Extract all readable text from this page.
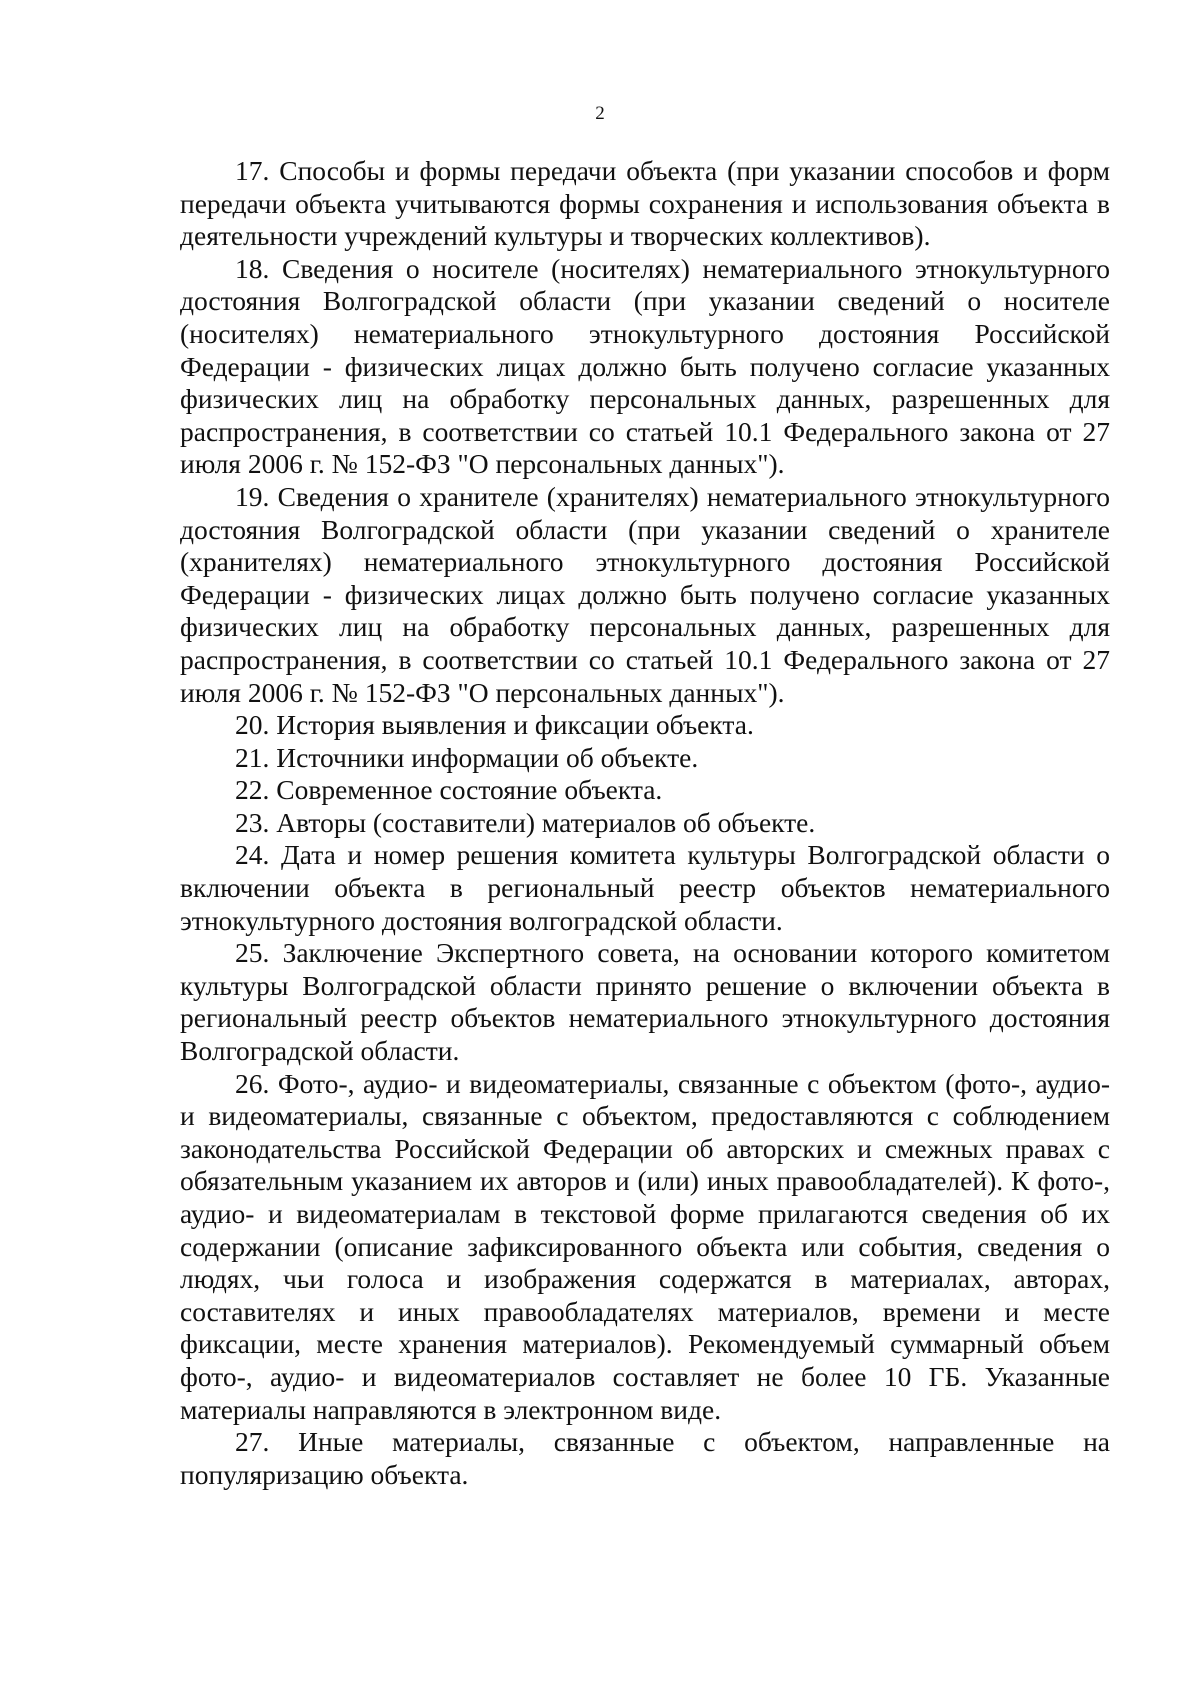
2

17. Способы и формы передачи объекта (при указании способов и форм передачи объекта учитываются формы сохранения и использования объекта в деятельности учреждений культуры и творческих коллективов).

18. Сведения о носителе (носителях) нематериального этнокультурного достояния Волгоградской области (при указании сведений о носителе (носителях) нематериального этнокультурного достояния Российской Федерации - физических лицах должно быть получено согласие указанных физических лиц на обработку персональных данных, разрешенных для распространения, в соответствии со статьей 10.1 Федерального закона от 27 июля 2006 г. № 152-ФЗ "О персональных данных").

19. Сведения о хранителе (хранителях) нематериального этнокультурного достояния Волгоградской области (при указании сведений о хранителе (хранителях) нематериального этнокультурного достояния Российской Федерации - физических лицах должно быть получено согласие указанных физических лиц на обработку персональных данных, разрешенных для распространения, в соответствии со статьей 10.1 Федерального закона от 27 июля 2006 г. № 152-ФЗ "О персональных данных").

20. История выявления и фиксации объекта.

21. Источники информации об объекте.

22. Современное состояние объекта.

23. Авторы (составители) материалов об объекте.

24. Дата и номер решения комитета культуры Волгоградской области о включении объекта в региональный реестр объектов нематериального этнокультурного достояния волгоградской области.

25. Заключение Экспертного совета, на основании которого комитетом культуры Волгоградской области принято решение о включении объекта в региональный реестр объектов нематериального этнокультурного достояния Волгоградской области.

26. Фото-, аудио- и видеоматериалы, связанные с объектом (фото-, аудио- и видеоматериалы, связанные с объектом, предоставляются с соблюдением законодательства Российской Федерации об авторских и смежных правах с обязательным указанием их авторов и (или) иных правообладателей). К фото-, аудио- и видеоматериалам в текстовой форме прилагаются сведения об их содержании (описание зафиксированного объекта или события, сведения о людях, чьи голоса и изображения содержатся в материалах, авторах, составителях и иных правообладателях материалов, времени и месте фиксации, месте хранения материалов). Рекомендуемый суммарный объем фото-, аудио- и видеоматериалов составляет не более 10 ГБ. Указанные материалы направляются в электронном виде.

27. Иные материалы, связанные с объектом, направленные на популяризацию объекта.
